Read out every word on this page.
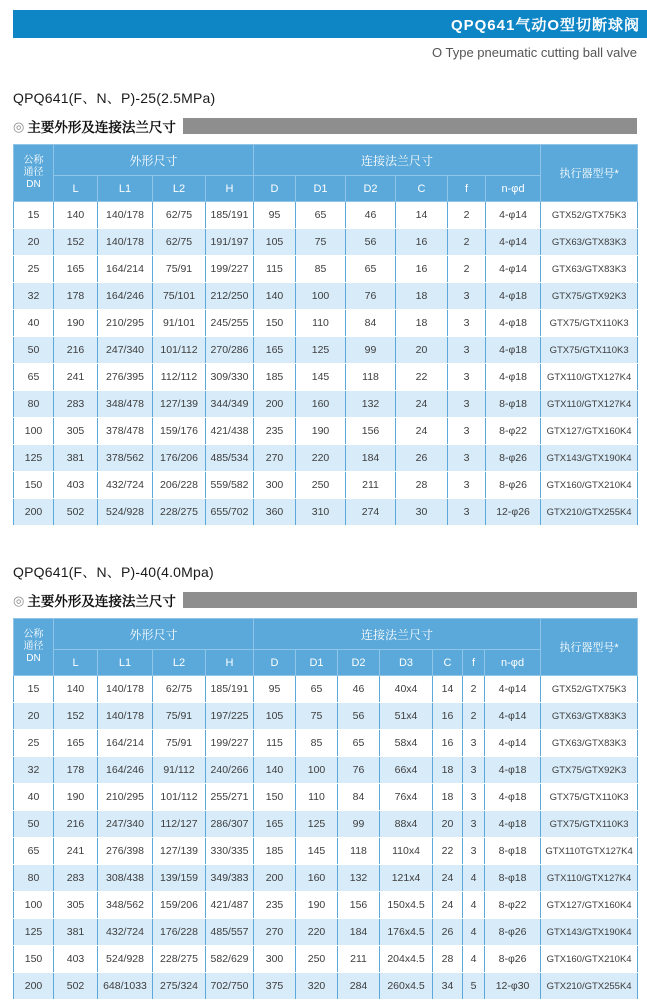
QPQ641气动O型切断球阀
O Type pneumatic cutting ball valve
QPQ641(F、N、P)-25(2.5MPa)
◎ 主要外形及连接法兰尺寸
公称
通径
DN	外形尺寸				连接法兰尺寸						执行器型号*
	L	L1	L2	H	D	D1	D2	C	f	n-φd	
15	140	140/178	62/75	185/191	95	65	46	14	2	4-φ14	GTX52/GTX75K3
20	152	140/178	62/75	191/197	105	75	56	16	2	4-φ14	GTX63/GTX83K3
25	165	164/214	75/91	199/227	115	85	65	16	2	4-φ14	GTX63/GTX83K3
32	178	164/246	75/101	212/250	140	100	76	18	3	4-φ18	GTX75/GTX92K3
40	190	210/295	91/101	245/255	150	110	84	18	3	4-φ18	GTX75/GTX110K3
50	216	247/340	101/112	270/286	165	125	99	20	3	4-φ18	GTX75/GTX110K3
65	241	276/395	112/112	309/330	185	145	118	22	3	4-φ18	GTX110/GTX127K4
80	283	348/478	127/139	344/349	200	160	132	24	3	8-φ18	GTX110/GTX127K4
100	305	378/478	159/176	421/438	235	190	156	24	3	8-φ22	GTX127/GTX160K4
125	381	378/562	176/206	485/534	270	220	184	26	3	8-φ26	GTX143/GTX190K4
150	403	432/724	206/228	559/582	300	250	211	28	3	8-φ26	GTX160/GTX210K4
200	502	524/928	228/275	655/702	360	310	274	30	3	12-φ26	GTX210/GTX255K4
QPQ641(F、N、P)-40(4.0Mpa)
◎ 主要外形及连接法兰尺寸
公称
通径
DN	外形尺寸				连接法兰尺寸							执行器型号*
	L	L1	L2	H	D	D1	D2	D3	C	f	n-φd	
15	140	140/178	62/75	185/191	95	65	46	40x4	14	2	4-φ14	GTX52/GTX75K3
20	152	140/178	75/91	197/225	105	75	56	51x4	16	2	4-φ14	GTX63/GTX83K3
25	165	164/214	75/91	199/227	115	85	65	58x4	16	3	4-φ14	GTX63/GTX83K3
32	178	164/246	91/112	240/266	140	100	76	66x4	18	3	4-φ18	GTX75/GTX92K3
40	190	210/295	101/112	255/271	150	110	84	76x4	18	3	4-φ18	GTX75/GTX110K3
50	216	247/340	112/127	286/307	165	125	99	88x4	20	3	4-φ18	GTX75/GTX110K3
65	241	276/398	127/139	330/335	185	145	118	110x4	22	3	8-φ18	GTX110TGTX127K4
80	283	308/438	139/159	349/383	200	160	132	121x4	24	4	8-φ18	GTX110/GTX127K4
100	305	348/562	159/206	421/487	235	190	156	150x4.5	24	4	8-φ22	GTX127/GTX160K4
125	381	432/724	176/228	485/557	270	220	184	176x4.5	26	4	8-φ26	GTX143/GTX190K4
150	403	524/928	228/275	582/629	300	250	211	204x4.5	28	4	8-φ26	GTX160/GTX210K4
200	502	648/1033	275/324	702/750	375	320	284	260x4.5	34	5	12-φ30	GTX210/GTX255K4
